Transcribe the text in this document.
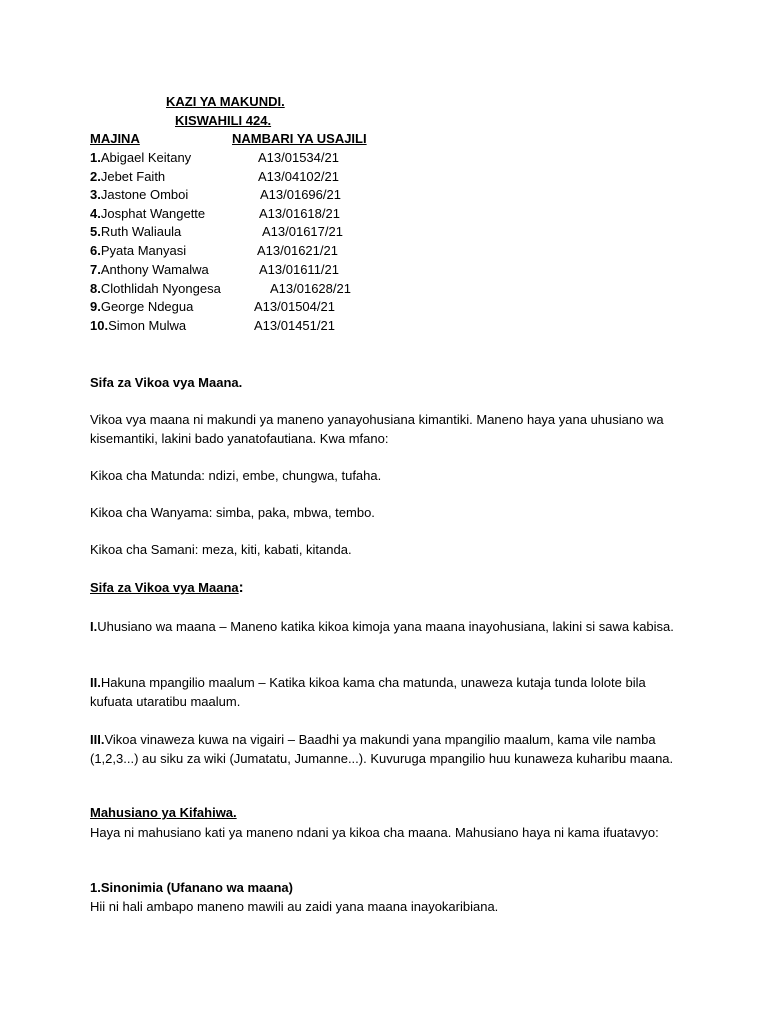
KAZI YA MAKUNDI.
KISWAHILI 424.
MAJINA	NAMBARI YA USAJILI
1.Abigael Keitany	A13/01534/21
2.Jebet Faith	A13/04102/21
3.Jastone Omboi	A13/01696/21
4.Josphat Wangette	A13/01618/21
5.Ruth Waliaula	A13/01617/21
6.Pyata Manyasi	A13/01621/21
7.Anthony Wamalwa	A13/01611/21
8.Clothlidah Nyongesa	A13/01628/21
9.George Ndegua	A13/01504/21
10.Simon Mulwa	A13/01451/21
Sifa za Vikoa vya Maana.
Vikoa vya maana ni makundi ya maneno yanayohusiana kimantiki. Maneno haya yana uhusiano wa kisemantiki, lakini bado yanatofautiana. Kwa mfano:
Kikoa cha Matunda: ndizi, embe, chungwa, tufaha.
Kikoa cha Wanyama: simba, paka, mbwa, tembo.
Kikoa cha Samani: meza, kiti, kabati, kitanda.
Sifa za Vikoa vya Maana:
I.Uhusiano wa maana – Maneno katika kikoa kimoja yana maana inayohusiana, lakini si sawa kabisa.
II.Hakuna mpangilio maalum – Katika kikoa kama cha matunda, unaweza kutaja tunda lolote bila kufuata utaratibu maalum.
III.Vikoa vinaweza kuwa na vigairi – Baadhi ya makundi yana mpangilio maalum, kama vile namba (1,2,3...) au siku za wiki (Jumatatu, Jumanne...). Kuvuruga mpangilio huu kunaweza kuharibu maana.
Mahusiano ya Kifahiwa.
Haya ni mahusiano kati ya maneno ndani ya kikoa cha maana. Mahusiano haya ni kama ifuatavyo:
1.Sinonimia (Ufanano wa maana)
Hii ni hali ambapo maneno mawili au zaidi yana maana inayokaribiana.
